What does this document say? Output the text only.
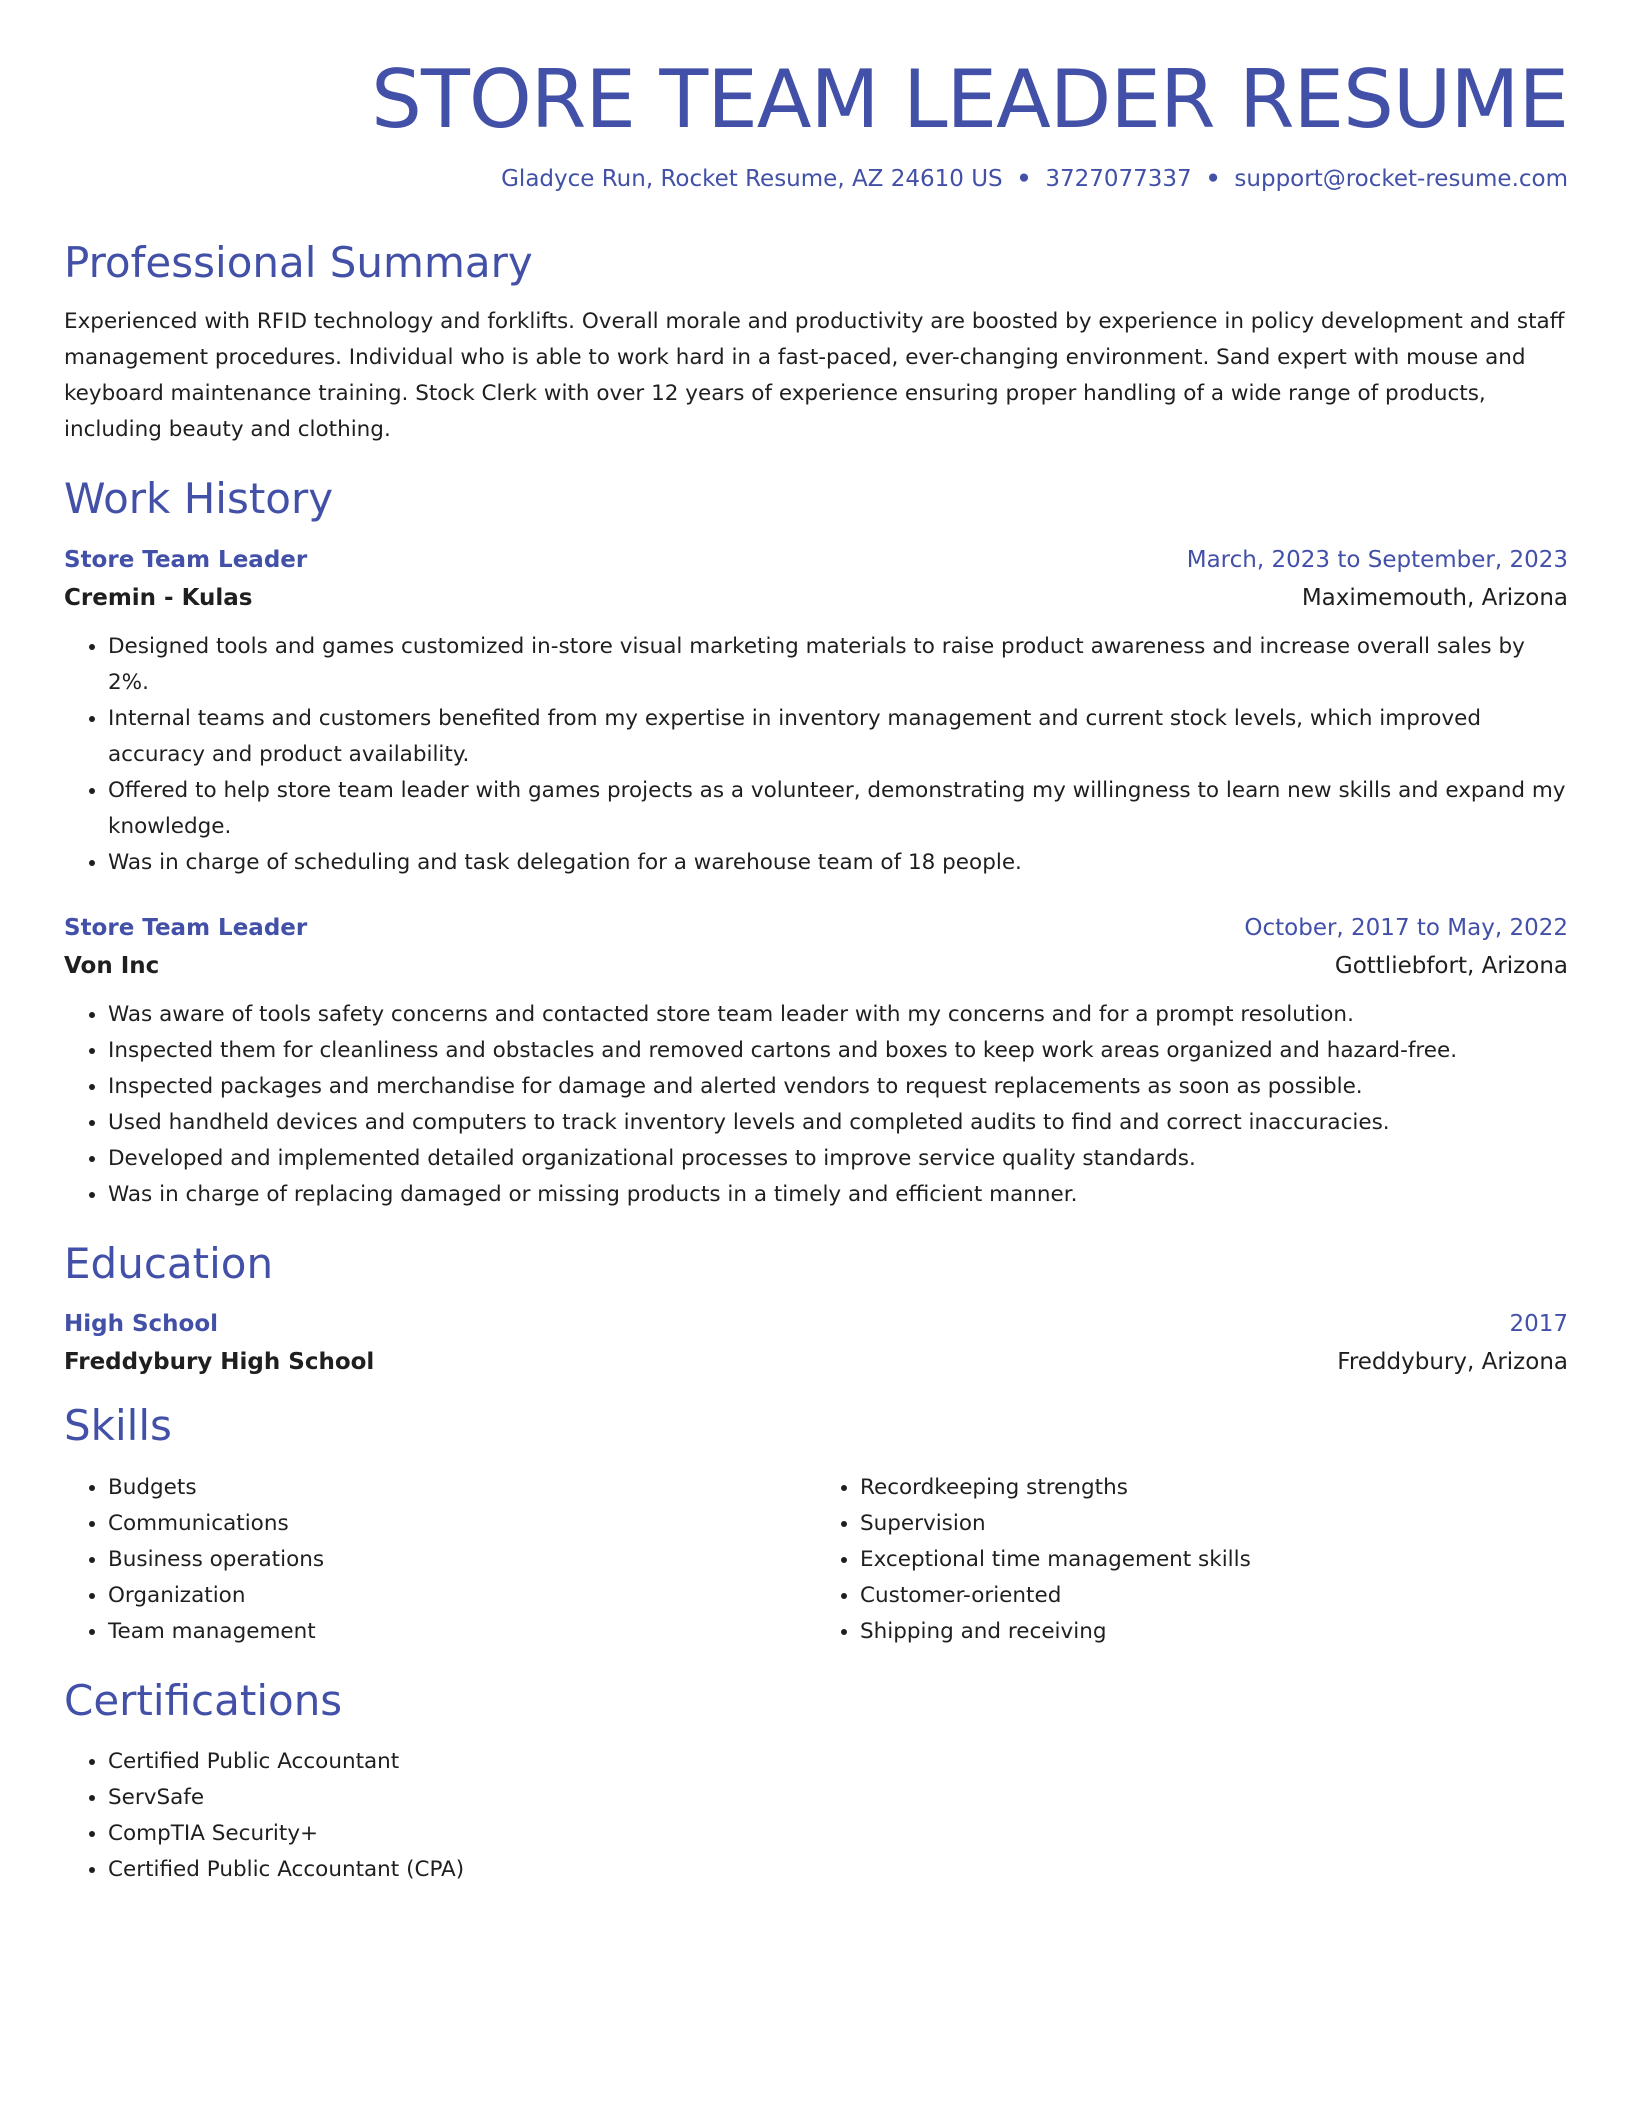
STORE TEAM LEADER RESUME
Gladyce Run, Rocket Resume, AZ 24610 US • 3727077337 • support@rocket-resume.com
Professional Summary
Experienced with RFID technology and forklifts. Overall morale and productivity are boosted by experience in policy development and staff management procedures. Individual who is able to work hard in a fast-paced, ever-changing environment. Sand expert with mouse and keyboard maintenance training. Stock Clerk with over 12 years of experience ensuring proper handling of a wide range of products, including beauty and clothing.
Work History
Store Team Leader	March, 2023 to September, 2023
Cremin - Kulas	Maximemouth, Arizona
• Designed tools and games customized in-store visual marketing materials to raise product awareness and increase overall sales by 2%.
• Internal teams and customers benefited from my expertise in inventory management and current stock levels, which improved accuracy and product availability.
• Offered to help store team leader with games projects as a volunteer, demonstrating my willingness to learn new skills and expand my knowledge.
• Was in charge of scheduling and task delegation for a warehouse team of 18 people.
Store Team Leader	October, 2017 to May, 2022
Von Inc	Gottliebfort, Arizona
• Was aware of tools safety concerns and contacted store team leader with my concerns and for a prompt resolution.
• Inspected them for cleanliness and obstacles and removed cartons and boxes to keep work areas organized and hazard-free.
• Inspected packages and merchandise for damage and alerted vendors to request replacements as soon as possible.
• Used handheld devices and computers to track inventory levels and completed audits to find and correct inaccuracies.
• Developed and implemented detailed organizational processes to improve service quality standards.
• Was in charge of replacing damaged or missing products in a timely and efficient manner.
Education
High School	2017
Freddybury High School	Freddybury, Arizona
Skills
• Budgets
• Communications
• Business operations
• Organization
• Team management
• Recordkeeping strengths
• Supervision
• Exceptional time management skills
• Customer-oriented
• Shipping and receiving
Certifications
• Certified Public Accountant
• ServSafe
• CompTIA Security+
• Certified Public Accountant (CPA)
